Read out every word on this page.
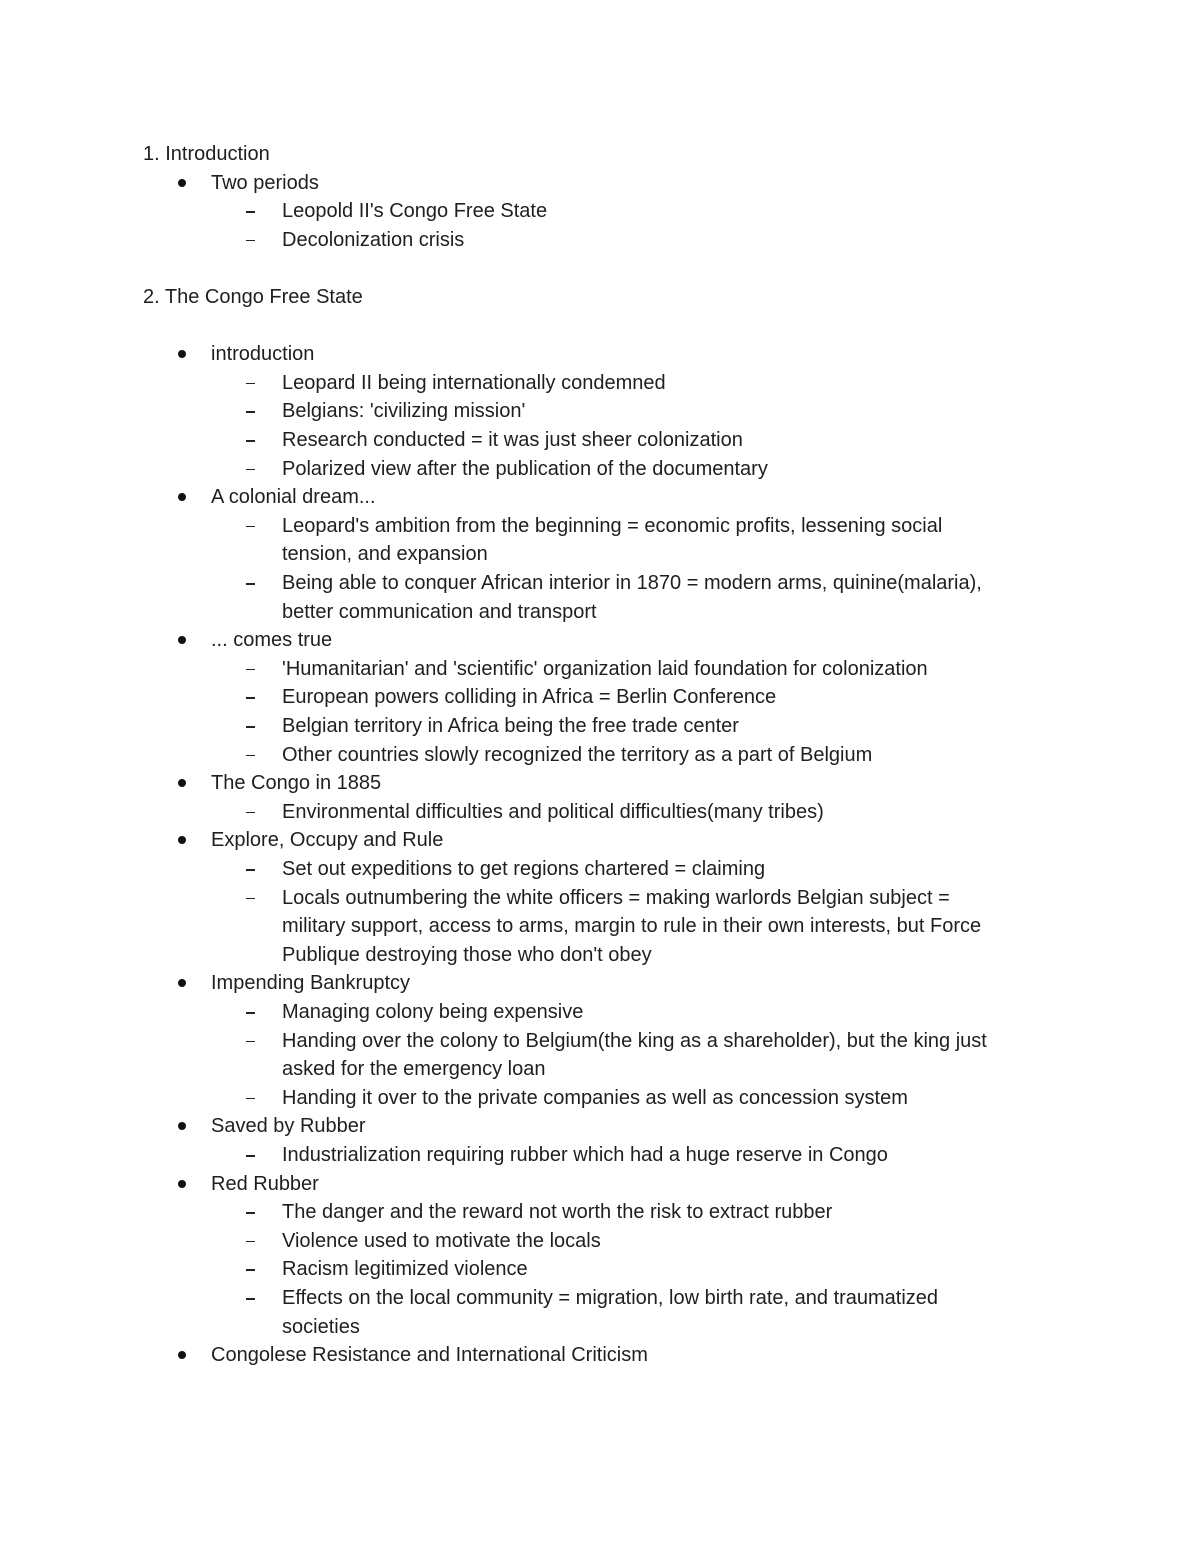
1. Introduction
Two periods
Leopold II's Congo Free State
Decolonization crisis
2. The Congo Free State
introduction
Leopard II being internationally condemned
Belgians: 'civilizing mission'
Research conducted = it was just sheer colonization
Polarized view after the publication of the documentary
A colonial dream...
Leopard's ambition from the beginning = economic profits, lessening social
tension, and expansion
Being able to conquer African interior in 1870 = modern arms, quinine(malaria),
better communication and transport
... comes true
'Humanitarian' and 'scientific' organization laid foundation for colonization
European powers colliding in Africa = Berlin Conference
Belgian territory in Africa being the free trade center
Other countries slowly recognized the territory as a part of Belgium
The Congo in 1885
Environmental difficulties and political difficulties(many tribes)
Explore, Occupy and Rule
Set out expeditions to get regions chartered = claiming
Locals outnumbering the white officers = making warlords Belgian subject =
military support, access to arms, margin to rule in their own interests, but Force
Publique destroying those who don't obey
Impending Bankruptcy
Managing colony being expensive
Handing over the colony to Belgium(the king as a shareholder), but the king just
asked for the emergency loan
Handing it over to the private companies as well as concession system
Saved by Rubber
Industrialization requiring rubber which had a huge reserve in Congo
Red Rubber
The danger and the reward not worth the risk to extract rubber
Violence used to motivate the locals
Racism legitimized violence
Effects on the local community = migration, low birth rate, and traumatized
societies
Congolese Resistance and International Criticism
